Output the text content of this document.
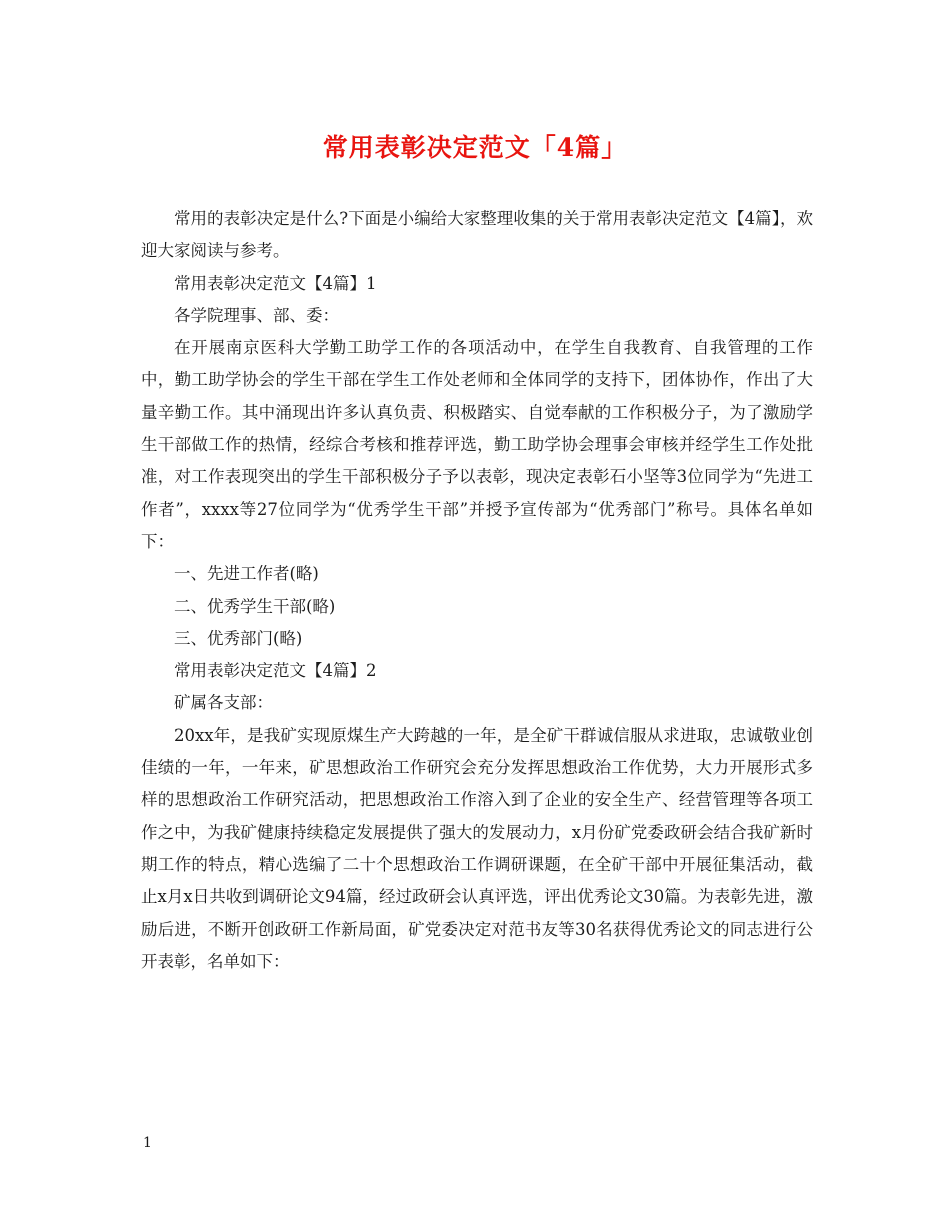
常用表彰决定范文「4篇」

常用的表彰决定是什么?下面是小编给大家整理收集的关于常用表彰决定范文【4篇】，欢迎大家阅读与参考。

常用表彰决定范文【4篇】1

各学院理事、部、委：

在开展南京医科大学勤工助学工作的各项活动中，在学生自我教育、自我管理的工作中，勤工助学协会的学生干部在学生工作处老师和全体同学的支持下，团体协作，作出了大量辛勤工作。其中涌现出许多认真负责、积极踏实、自觉奉献的工作积极分子，为了激励学生干部做工作的热情，经综合考核和推荐评选，勤工助学协会理事会审核并经学生工作处批准，对工作表现突出的学生干部积极分子予以表彰，现决定表彰石小坚等3位同学为“先进工作者”，xxxx等27位同学为“优秀学生干部”并授予宣传部为“优秀部门”称号。具体名单如下：

一、先进工作者(略)

二、优秀学生干部(略)

三、优秀部门(略)

常用表彰决定范文【4篇】2

矿属各支部：

20xx年，是我矿实现原煤生产大跨越的一年，是全矿干群诚信服从求进取，忠诚敬业创佳绩的一年，一年来，矿思想政治工作研究会充分发挥思想政治工作优势，大力开展形式多样的思想政治工作研究活动，把思想政治工作溶入到了企业的安全生产、经营管理等各项工作之中，为我矿健康持续稳定发展提供了强大的发展动力，x月份矿党委政研会结合我矿新时期工作的特点，精心选编了二十个思想政治工作调研课题，在全矿干部中开展征集活动，截止x月x日共收到调研论文94篇，经过政研会认真评选，评出优秀论文30篇。为表彰先进，激励后进，不断开创政研工作新局面，矿党委决定对范书友等30名获得优秀论文的同志进行公开表彰，名单如下：

1
